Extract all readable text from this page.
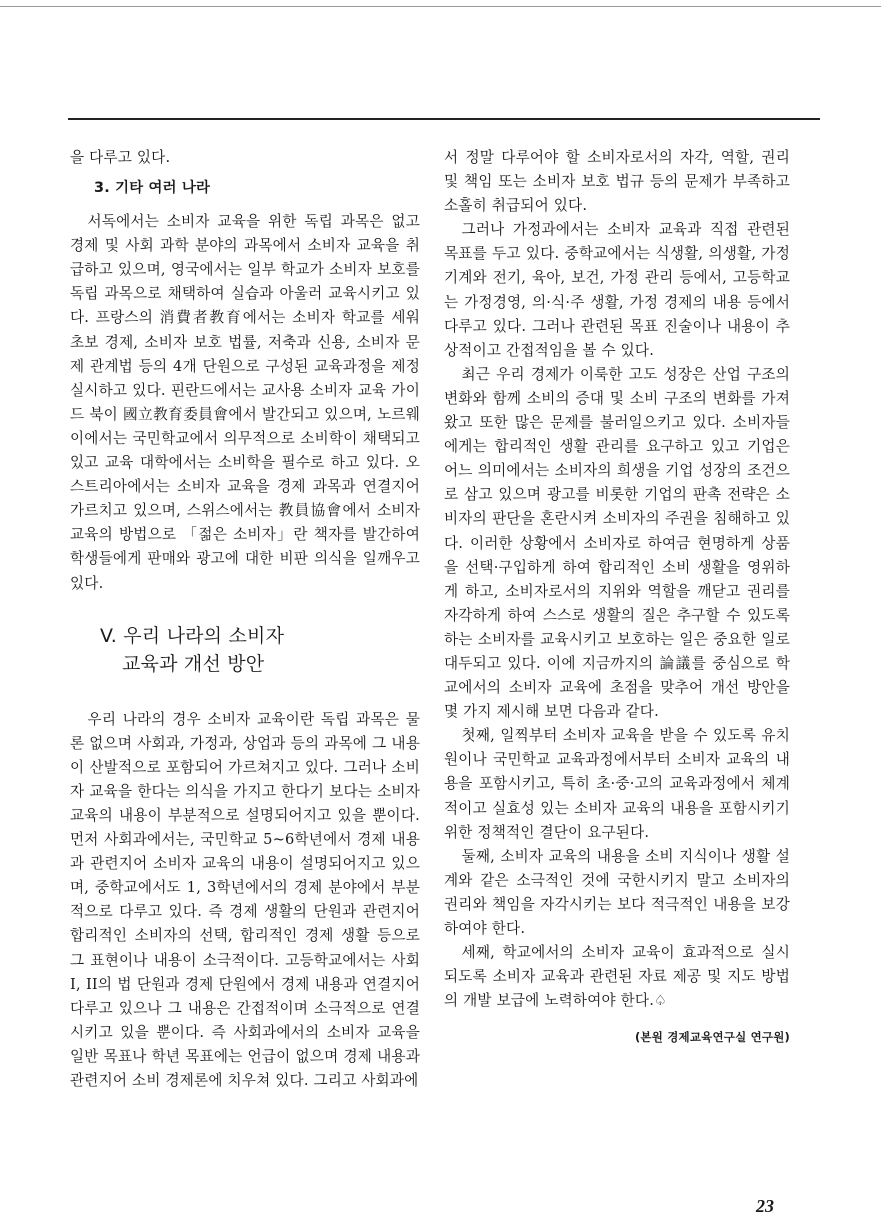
을 다루고 있다.

3. 기타 여러 나라

서독에서는 소비자 교육을 위한 독립 과목은 없고 경제 및 사회 과학 분야의 과목에서 소비자 교육을 취급하고 있으며, 영국에서는 일부 학교가 소비자 보호를 독립 과목으로 채택하여 실습과 아울러 교육시키고 있다. 프랑스의 消費者教育에서는 소비자 학교를 세워 초보 경제, 소비자 보호 법률, 저축과 신용, 소비자 문제 관계법 등의 4개 단원으로 구성된 교육과정을 제정 실시하고 있다. 핀란드에서는 교사용 소비자 교육 가이드 북이 國立教育委員會에서 발간되고 있으며, 노르웨이에서는 국민학교에서 의무적으로 소비학이 채택되고 있고 교육 대학에서는 소비학을 필수로 하고 있다. 오스트리아에서는 소비자 교육을 경제 과목과 연결지어 가르치고 있으며, 스위스에서는 教員協會에서 소비자 교육의 방법으로 「젊은 소비자」란 책자를 발간하여 학생들에게 판매와 광고에 대한 비판 의식을 일깨우고 있다.

V. 우리 나라의 소비자
교육과 개선 방안

우리 나라의 경우 소비자 교육이란 독립 과목은 물론 없으며 사회과, 가정과, 상업과 등의 과목에 그 내용이 산발적으로 포함되어 가르쳐지고 있다. 그러나 소비자 교육을 한다는 의식을 가지고 한다기 보다는 소비자 교육의 내용이 부분적으로 설명되어지고 있을 뿐이다. 먼저 사회과에서는, 국민학교 5~6학년에서 경제 내용과 관련지어 소비자 교육의 내용이 설명되어지고 있으며, 중학교에서도 1, 3학년에서의 경제 분야에서 부분적으로 다루고 있다. 즉 경제 생활의 단원과 관련지어 합리적인 소비자의 선택, 합리적인 경제 생활 등으로 그 표현이나 내용이 소극적이다. 고등학교에서는 사회 I, II의 법 단원과 경제 단원에서 경제 내용과 연결지어 다루고 있으나 그 내용은 간접적이며 소극적으로 연결시키고 있을 뿐이다. 즉 사회과에서의 소비자 교육을 일반 목표나 학년 목표에는 언급이 없으며 경제 내용과 관련지어 소비 경제론에 치우쳐 있다. 그리고 사회과에

서 정말 다루어야 할 소비자로서의 자각, 역할, 권리 및 책임 또는 소비자 보호 법규 등의 문제가 부족하고 소홀히 취급되어 있다.

그러나 가정과에서는 소비자 교육과 직접 관련된 목표를 두고 있다. 중학교에서는 식생활, 의생활, 가정 기계와 전기, 육아, 보건, 가정 관리 등에서, 고등학교는 가정경영, 의·식·주 생활, 가정 경제의 내용 등에서 다루고 있다. 그러나 관련된 목표 진술이나 내용이 추상적이고 간접적임을 볼 수 있다.

최근 우리 경제가 이룩한 고도 성장은 산업 구조의 변화와 함께 소비의 증대 및 소비 구조의 변화를 가져왔고 또한 많은 문제를 불러일으키고 있다. 소비자들에게는 합리적인 생활 관리를 요구하고 있고 기업은 어느 의미에서는 소비자의 희생을 기업 성장의 조건으로 삼고 있으며 광고를 비롯한 기업의 판촉 전략은 소비자의 판단을 혼란시켜 소비자의 주권을 침해하고 있다. 이러한 상황에서 소비자로 하여금 현명하게 상품을 선택·구입하게 하여 합리적인 소비 생활을 영위하게 하고, 소비자로서의 지위와 역할을 깨닫고 권리를 자각하게 하여 스스로 생활의 질은 추구할 수 있도록 하는 소비자를 교육시키고 보호하는 일은 중요한 일로 대두되고 있다. 이에 지금까지의 論議를 중심으로 학교에서의 소비자 교육에 초점을 맞추어 개선 방안을 몇 가지 제시해 보면 다음과 같다.

첫째, 일찍부터 소비자 교육을 받을 수 있도록 유치원이나 국민학교 교육과정에서부터 소비자 교육의 내용을 포함시키고, 특히 초·중·고의 교육과정에서 체계적이고 실효성 있는 소비자 교육의 내용을 포함시키기 위한 정책적인 결단이 요구된다.

둘째, 소비자 교육의 내용을 소비 지식이나 생활 설계와 같은 소극적인 것에 국한시키지 말고 소비자의 권리와 책임을 자각시키는 보다 적극적인 내용을 보강하여야 한다.

세째, 학교에서의 소비자 교육이 효과적으로 실시되도록 소비자 교육과 관련된 자료 제공 및 지도 방법의 개발 보급에 노력하여야 한다.♤

(본원 경제교육연구실 연구원)
23
